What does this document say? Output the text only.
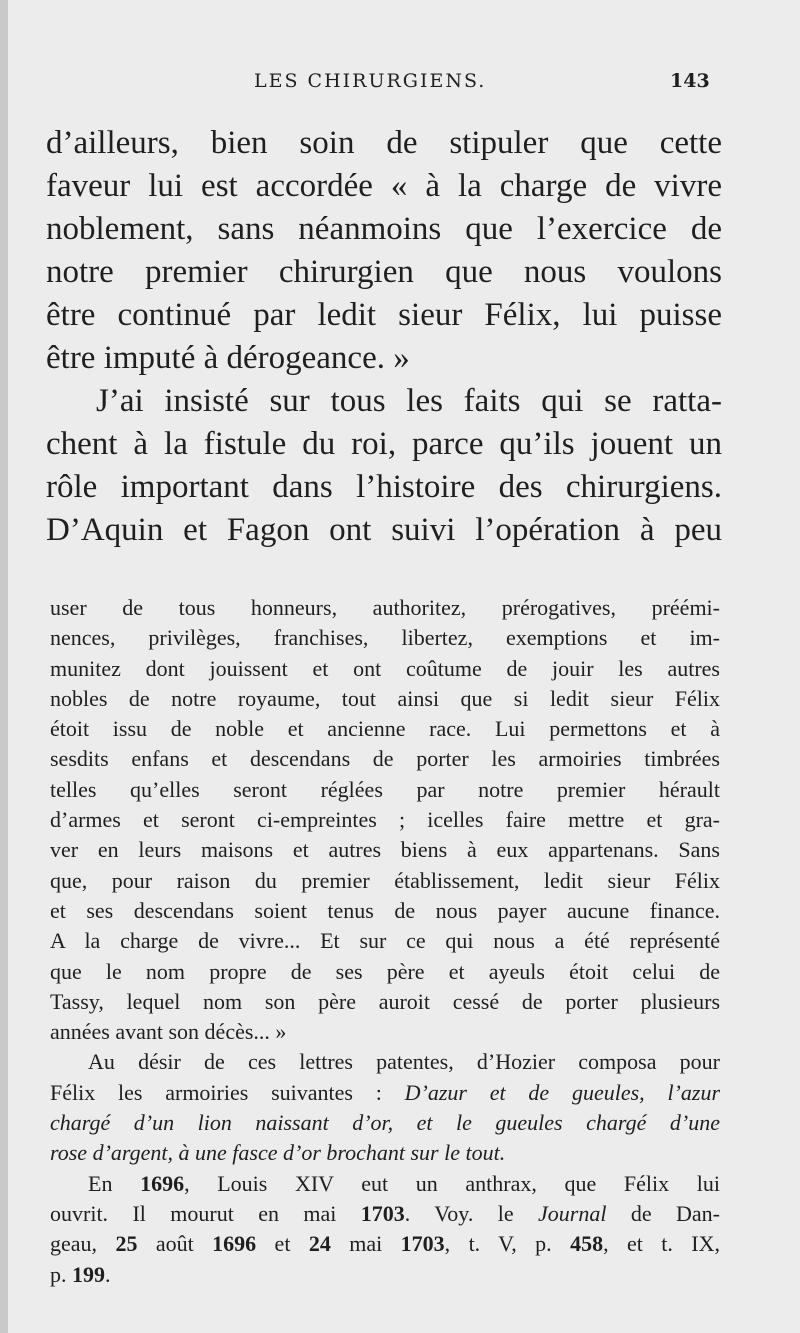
LES CHIRURGIENS.	143

d’ailleurs, bien soin de stipuler que cette
faveur lui est accordée « à la charge de vivre
noblement, sans néanmoins que l’exercice de
notre premier chirurgien que nous voulons
être continué par ledit sieur Félix, lui puisse
être imputé à dérogeance. »

J’ai insisté sur tous les faits qui se ratta-
chent à la fistule du roi, parce qu’ils jouent un
rôle important dans l’histoire des chirurgiens.
D’Aquin et Fagon ont suivi l’opération à peu

user de tous honneurs, authoritez, prérogatives, préémi-
nences, privilèges, franchises, libertez, exemptions et im-
munitez dont jouissent et ont coûtume de jouir les autres
nobles de notre royaume, tout ainsi que si ledit sieur Félix
étoit issu de noble et ancienne race. Lui permettons et à
sesdits enfans et descendans de porter les armoiries timbrées
telles qu’elles seront réglées par notre premier hérault
d’armes et seront ci-empreintes ; icelles faire mettre et gra-
ver en leurs maisons et autres biens à eux appartenans. Sans
que, pour raison du premier établissement, ledit sieur Félix
et ses descendans soient tenus de nous payer aucune finance.
A la charge de vivre... Et sur ce qui nous a été représenté
que le nom propre de ses père et ayeuls étoit celui de
Tassy, lequel nom son père auroit cessé de porter plusieurs
années avant son décès... »

Au désir de ces lettres patentes, d’Hozier composa pour
Félix les armoiries suivantes : D’azur et de gueules, l’azur
chargé d’un lion naissant d’or, et le gueules chargé d’une
rose d’argent, à une fasce d’or brochant sur le tout.

En 1696, Louis XIV eut un anthrax, que Félix lui
ouvrit. Il mourut en mai 1703. Voy. le Journal de Dan-
geau, 25 août 1696 et 24 mai 1703, t. V, p. 458, et t. IX,
p. 199.
